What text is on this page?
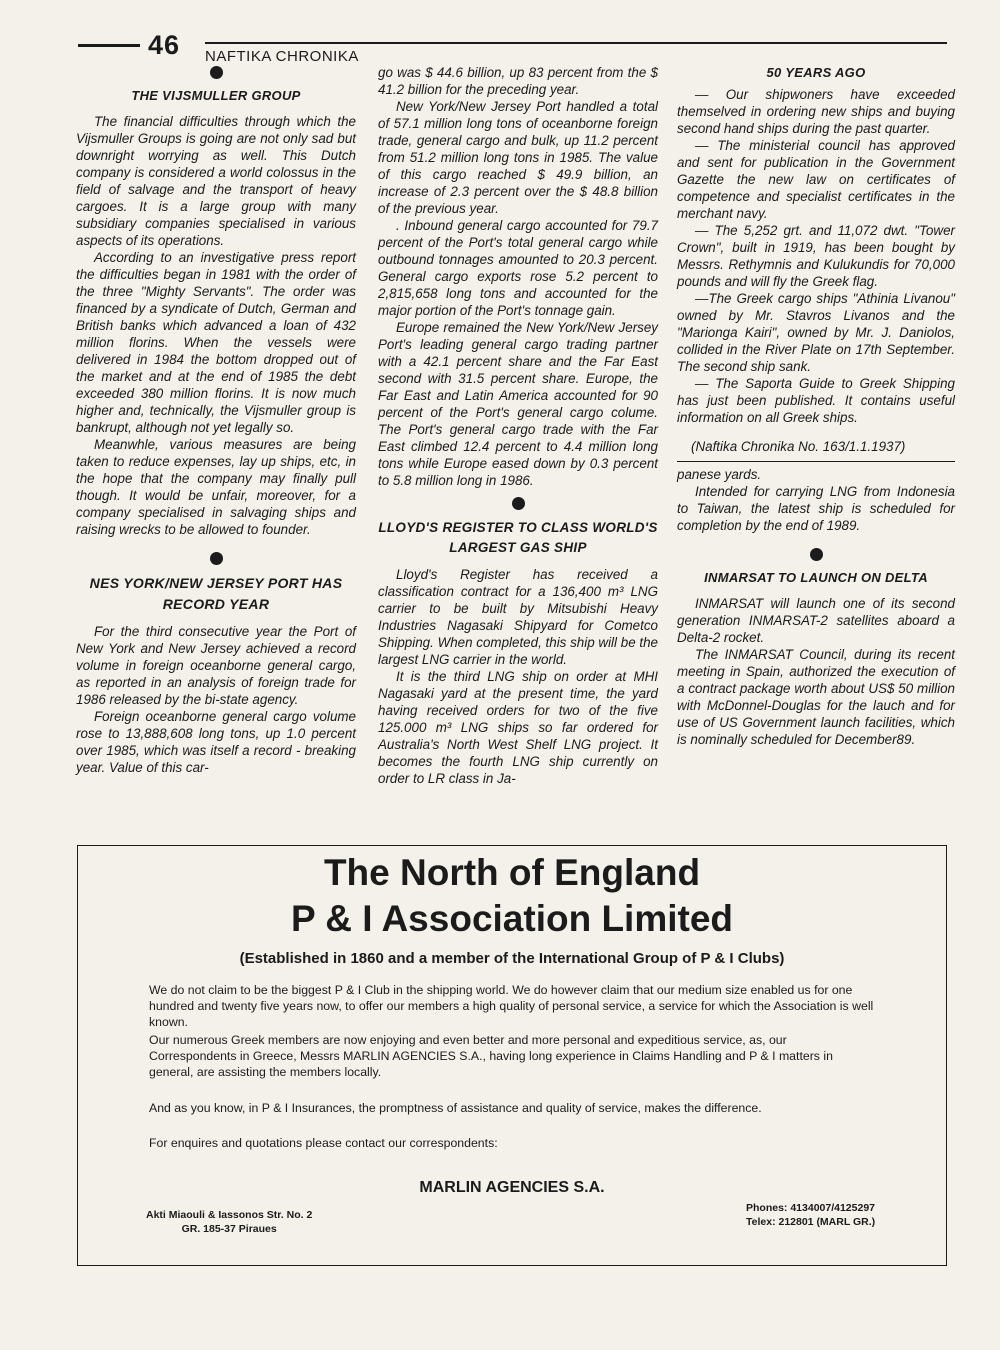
46 NAFTIKA CHRONIKA
THE VIJSMULLER GROUP

The financial difficulties through which the Vijsmuller Groups is going are not only sad but downright worrying as well. This Dutch company is considered a world colossus in the field of salvage and the transport of heavy cargoes. It is a large group with many subsidiary companies specialised in various aspects of its operations.

According to an investigative press report the difficulties began in 1981 with the order of the three "Mighty Servants". The order was financed by a syndicate of Dutch, German and British banks which advanced a loan of 432 million florins. When the vessels were delivered in 1984 the bottom dropped out of the market and at the end of 1985 the debt exceeded 380 million florins. It is now much higher and, technically, the Vijsmuller group is bankrupt, although not yet legally so.

Meanwhle, various measures are being taken to reduce expenses, lay up ships, etc, in the hope that the company may finally pull though. It would be unfair, moreover, for a company specialised in salvaging ships and raising wrecks to be allowed to founder.

NES YORK/NEW JERSEY PORT HAS RECORD YEAR

For the third consecutive year the Port of New York and New Jersey achieved a record volume in foreign oceanborne general cargo, as reported in an analysis of foreign trade for 1986 released by the bi-state agency.

Foreign oceanborne general cargo volume rose to 13,888,608 long tons, up 1.0 percent over 1985, which was itself a record - breaking year. Value of this car-

go was $ 44.6 billion, up 83 percent from the $ 41.2 billion for the preceding year.

New York/New Jersey Port handled a total of 57.1 million long tons of oceanborne foreign trade, general cargo and bulk, up 11.2 percent from 51.2 million long tons in 1985. The value of this cargo reached $ 49.9 billion, an increase of 2.3 percent over the $ 48.8 billion of the previous year.

. Inbound general cargo accounted for 79.7 percent of the Port's total general cargo while outbound tonnages amounted to 20.3 percent. General cargo exports rose 5.2 percent to 2,815,658 long tons and accounted for the major portion of the Port's tonnage gain.

Europe remained the New York/New Jersey Port's leading general cargo trading partner with a 42.1 percent share and the Far East second with 31.5 percent share. Europe, the Far East and Latin America accounted for 90 percent of the Port's general cargo colume. The Port's general cargo trade with the Far East climbed 12.4 percent to 4.4 million long tons while Europe eased down by 0.3 percent to 5.8 million long in 1986.

LLOYD'S REGISTER TO CLASS WORLD'S LARGEST GAS SHIP

Lloyd's Register has received a classification contract for a 136,400 m³ LNG carrier to be built by Mitsubishi Heavy Industries Nagasaki Shipyard for Cometco Shipping. When completed, this ship will be the largest LNG carrier in the world.

It is the third LNG ship on order at MHI Nagasaki yard at the present time, the yard having received orders for two of the five 125.000 m³ LNG ships so far ordered for Australia's North West Shelf LNG project. It becomes the fourth LNG ship currently on order to LR class in Ja-

50 YEARS AGO

— Our shipwoners have exceeded themselved in ordering new ships and buying second hand ships during the past quarter.

— The ministerial council has approved and sent for publication in the Government Gazette the new law on certificates of competence and specialist certificates in the merchant navy.

— The 5,252 grt. and 11,072 dwt. "Tower Crown", built in 1919, has been bought by Messrs. Rethymnis and Kulukundis for 70,000 pounds and will fly the Greek flag.

—The Greek cargo ships "Athinia Livanou" owned by Mr. Stavros Livanos and the "Marionga Kairi", owned by Mr. J. Daniolos, collided in the River Plate on 17th September. The second ship sank.

— The Saporta Guide to Greek Shipping has just been published. It contains useful information on all Greek ships.

(Naftika Chronika No. 163/1.1.1937)

panese yards.

Intended for carrying LNG from Indonesia to Taiwan, the latest ship is scheduled for completion by the end of 1989.

INMARSAT TO LAUNCH ON DELTA

INMARSAT will launch one of its second generation INMARSAT-2 satellites aboard a Delta-2 rocket.

The INMARSAT Council, during its recent meeting in Spain, authorized the execution of a contract package worth about US$ 50 million with McDonnel-Douglas for the lauch and for use of US Government launch facilities, which is nominally scheduled for December89.

The North of England
P & I Association Limited
(Established in 1860 and a member of the International Group of P & I Clubs)

We do not claim to be the biggest P & I Club in the shipping world. We do however claim that our medium size enabled us for one hundred and twenty five years now, to offer our members a high quality of personal service, a service for which the Association is well known.

Our numerous Greek members are now enjoying and even better and more personal and expeditious service, as, our Correspondents in Greece, Messrs MARLIN AGENCIES S.A., having long experience in Claims Handling and P & I matters in general, are assisting the members locally.

And as you know, in P & I Insurances, the promptness of assistance and quality of service, makes the difference.

For enquires and quotations please contact our correspondents:

MARLIN AGENCIES S.A.
Akti Miaouli & Iassonos Str. No. 2
GR. 185-37 Piraues
Phones: 4134007/4125297
Telex: 212801 (MARL GR.)
